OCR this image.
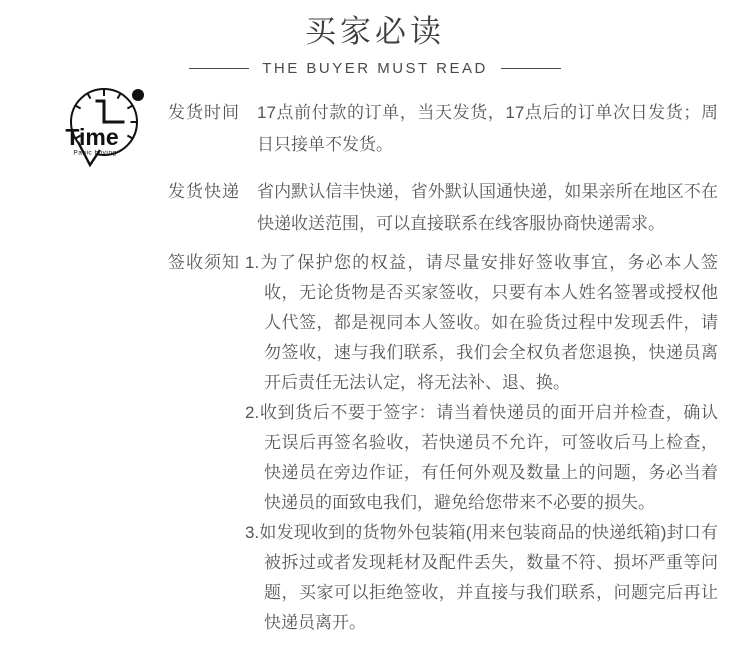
买家必读
THE BUYER MUST READ
Time
Panic buying
发货时间 17点前付款的订单，当天发货，17点后的订单次日发货；周日只接单不发货。

发货快递 省内默认信丰快递，省外默认国通快递，如果亲所在地区不在快递收送范围，可以直接联系在线客服协商快递需求。

签收须知 1.为了保护您的权益，请尽量安排好签收事宜，务必本人签收，无论货物是否买家签收，只要有本人姓名签署或授权他人代签，都是视同本人签收。如在验货过程中发现丢件，请勿签收，速与我们联系，我们会全权负者您退换，快递员离开后责任无法认定，将无法补、退、换。

2.收到货后不要于签字：请当着快递员的面开启并检查，确认无误后再签名验收，若快递员不允许，可签收后马上检查，快递员在旁边作证，有任何外观及数量上的问题，务必当着快递员的面致电我们，避免给您带来不必要的损失。

3.如发现收到的货物外包装箱(用来包装商品的快递纸箱)封口有被拆过或者发现耗材及配件丢失，数量不符、损坏严重等问题，买家可以拒绝签收，并直接与我们联系，问题完后再让快递员离开。
